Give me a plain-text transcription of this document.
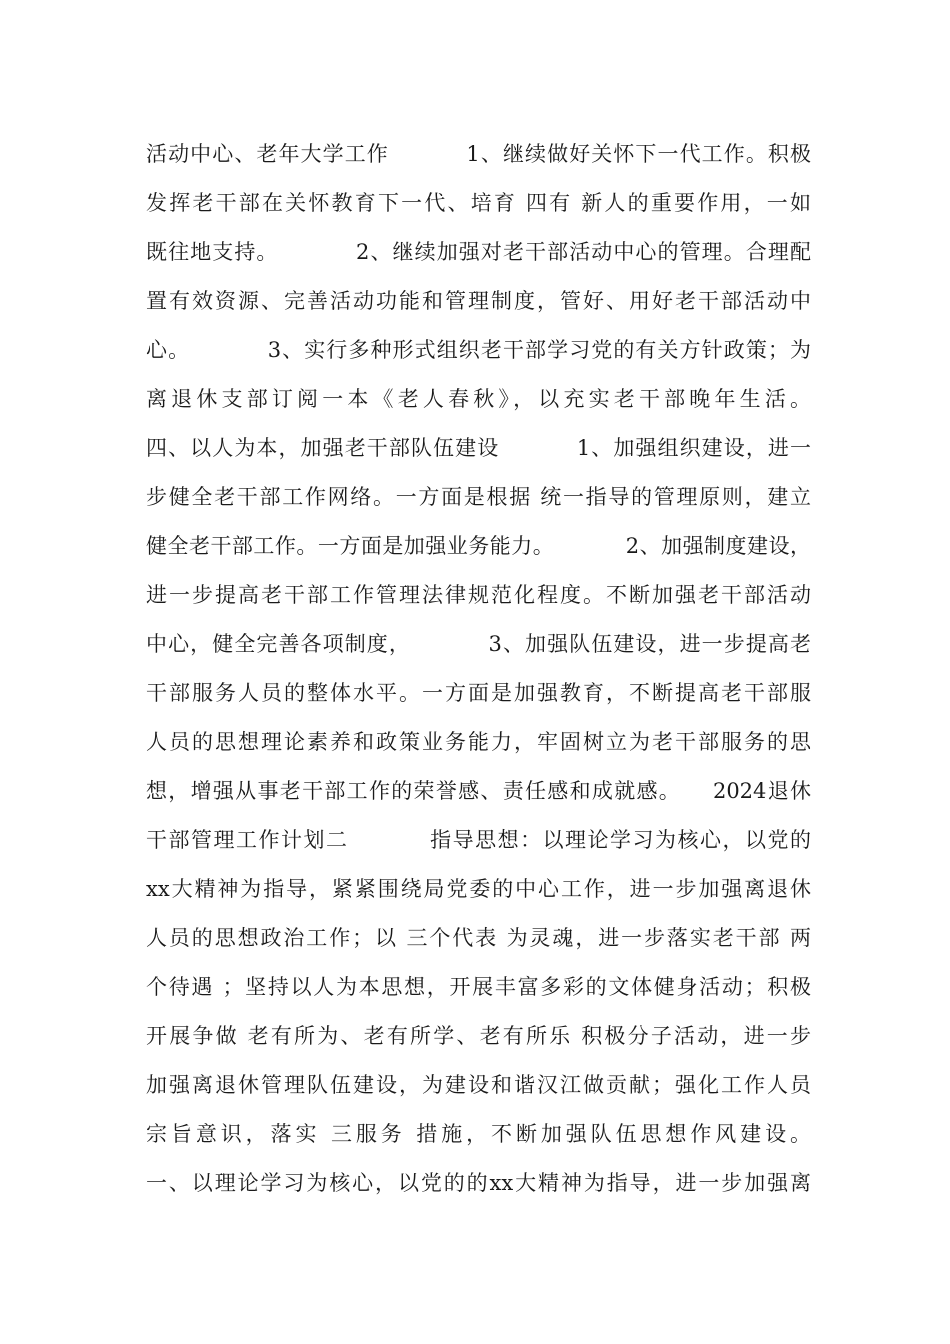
活动中心、老年大学工作          1、继续做好关怀下一代工作。积极
发挥老干部在关怀教育下一代、培育 四有 新人的重要作用，一如
既往地支持。          2、继续加强对老干部活动中心的管理。合理配
置有效资源、完善活动功能和管理制度，管好、用好老干部活动中
心。          3、实行多种形式组织老干部学习党的有关方针政策；为
离退休支部订阅一本《老人春秋》，以充实老干部晚年生活。
四、以人为本，加强老干部队伍建设          1、加强组织建设，进一
步健全老干部工作网络。一方面是根据 统一指导的管理原则，建立
健全老干部工作。一方面是加强业务能力。          2、加强制度建设，
进一步提高老干部工作管理法律规范化程度。不断加强老干部活动
中心，健全完善各项制度，          3、加强队伍建设，进一步提高老
干部服务人员的整体水平。一方面是加强教育，不断提高老干部服
人员的思想理论素养和政策业务能力，牢固树立为老干部服务的思
想，增强从事老干部工作的荣誉感、责任感和成就感。    2024退休
干部管理工作计划二          指导思想：以理论学习为核心，以党的
xx大精神为指导，紧紧围绕局党委的中心工作，进一步加强离退休
人员的思想政治工作；以 三个代表 为灵魂，进一步落实老干部 两
个待遇 ；坚持以人为本思想，开展丰富多彩的文体健身活动；积极
开展争做 老有所为、老有所学、老有所乐 积极分子活动，进一步
加强离退休管理队伍建设，为建设和谐汉江做贡献；强化工作人员
宗旨意识，落实 三服务 措施，不断加强队伍思想作风建设。
一、以理论学习为核心，以党的的xx大精神为指导，进一步加强离
